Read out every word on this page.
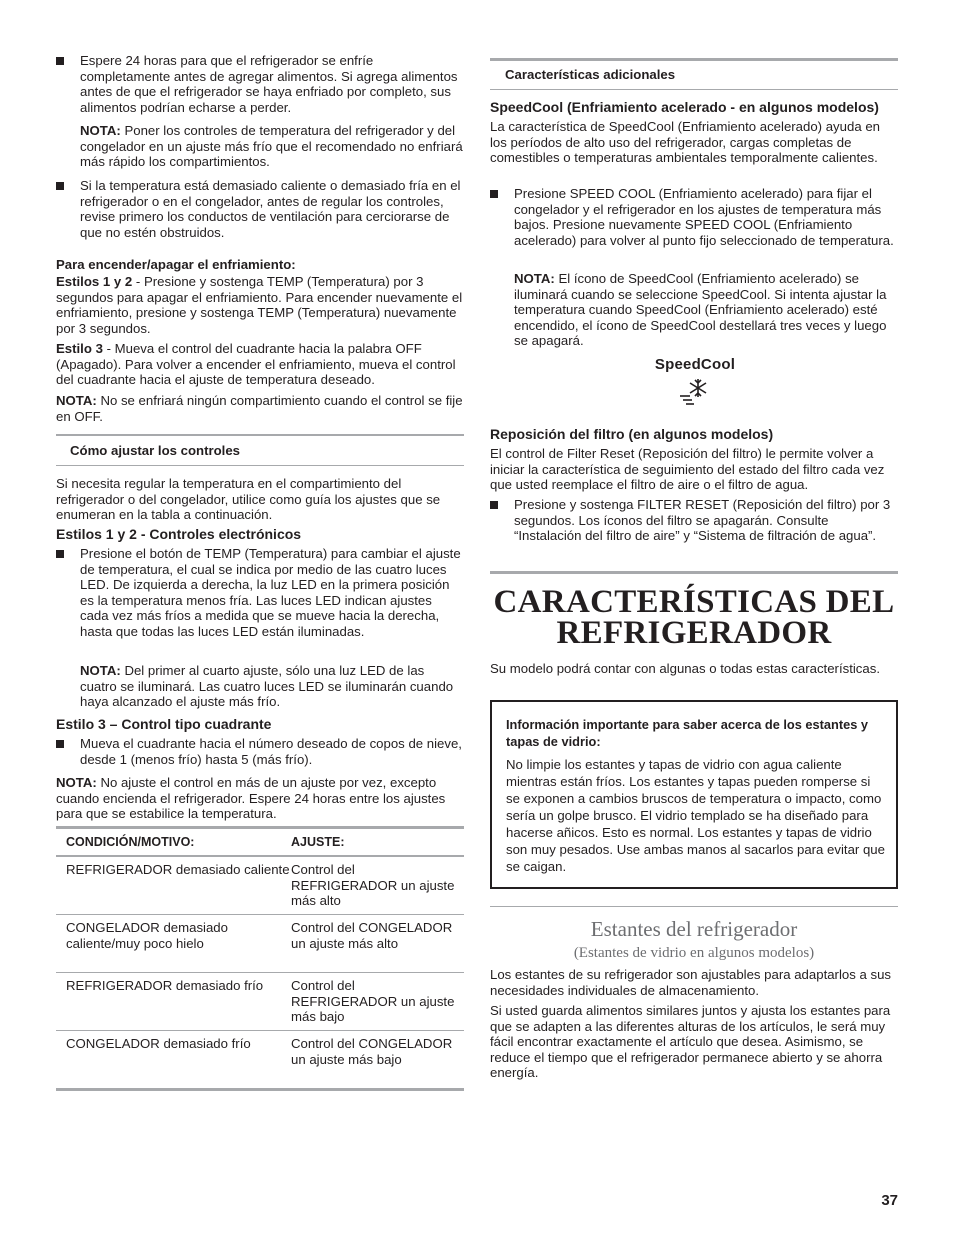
Espere 24 horas para que el refrigerador se enfríe completamente antes de agregar alimentos. Si agrega alimentos antes de que el refrigerador se haya enfriado por completo, sus alimentos podrían echarse a perder.

NOTA: Poner los controles de temperatura del refrigerador y del congelador en un ajuste más frío que el recomendado no enfriará más rápido los compartimientos.

Si la temperatura está demasiado caliente o demasiado fría en el refrigerador o en el congelador, antes de regular los controles, revise primero los conductos de ventilación para cerciorarse de que no estén obstruidos.

Para encender/apagar el enfriamiento:

Estilos 1 y 2 - Presione y sostenga TEMP (Temperatura) por 3 segundos para apagar el enfriamiento. Para encender nuevamente el enfriamiento, presione y sostenga TEMP (Temperatura) nuevamente por 3 segundos.

Estilo 3 - Mueva el control del cuadrante hacia la palabra OFF (Apagado). Para volver a encender el enfriamiento, mueva el control del cuadrante hacia el ajuste de temperatura deseado.

NOTA: No se enfriará ningún compartimiento cuando el control se fije en OFF.

Cómo ajustar los controles

Si necesita regular la temperatura en el compartimiento del refrigerador o del congelador, utilice como guía los ajustes que se enumeran en la tabla a continuación.

Estilos 1 y 2 - Controles electrónicos

Presione el botón de TEMP (Temperatura) para cambiar el ajuste de temperatura, el cual se indica por medio de las cuatro luces LED. De izquierda a derecha, la luz LED en la primera posición es la temperatura menos fría. Las luces LED indican ajustes cada vez más fríos a medida que se mueve hacia la derecha, hasta que todas las luces LED están iluminadas.

NOTA: Del primer al cuarto ajuste, sólo una luz LED de las cuatro se iluminará. Las cuatro luces LED se iluminarán cuando haya alcanzado el ajuste más frío.

Estilo 3 – Control tipo cuadrante

Mueva el cuadrante hacia el número deseado de copos de nieve, desde 1 (menos frío) hasta 5 (más frío).

NOTA: No ajuste el control en más de un ajuste por vez, excepto cuando encienda el refrigerador. Espere 24 horas entre los ajustes para que se estabilice la temperatura.

CONDICIÓN/MOTIVO:	AJUSTE:
REFRIGERADOR demasiado caliente	Control del REFRIGERADOR un ajuste más alto
CONGELADOR demasiado caliente/muy poco hielo	Control del CONGELADOR un ajuste más alto
REFRIGERADOR demasiado frío	Control del REFRIGERADOR un ajuste más bajo
CONGELADOR demasiado frío	Control del CONGELADOR un ajuste más bajo

Características adicionales

SpeedCool (Enfriamiento acelerado - en algunos modelos)

La característica de SpeedCool (Enfriamiento acelerado) ayuda en los períodos de alto uso del refrigerador, cargas completas de comestibles o temperaturas ambientales temporalmente calientes.

Presione SPEED COOL (Enfriamiento acelerado) para fijar el congelador y el refrigerador en los ajustes de temperatura más bajos. Presione nuevamente SPEED COOL (Enfriamiento acelerado) para volver al punto fijo seleccionado de temperatura.

NOTA: El ícono de SpeedCool (Enfriamiento acelerado) se iluminará cuando se seleccione SpeedCool. Si intenta ajustar la temperatura cuando SpeedCool (Enfriamiento acelerado) esté encendido, el ícono de SpeedCool destellará tres veces y luego se apagará.

SpeedCool

Reposición del filtro (en algunos modelos)

El control de Filter Reset (Reposición del filtro) le permite volver a iniciar la característica de seguimiento del estado del filtro cada vez que usted reemplace el filtro de aire o el filtro de agua.

Presione y sostenga FILTER RESET (Reposición del filtro) por 3 segundos. Los íconos del filtro se apagarán. Consulte “Instalación del filtro de aire” y “Sistema de filtración de agua”.

CARACTERÍSTICAS DEL
REFRIGERADOR

Su modelo podrá contar con algunas o todas estas características.

Información importante para saber acerca de los estantes y tapas de vidrio:

No limpie los estantes y tapas de vidrio con agua caliente mientras están fríos. Los estantes y tapas pueden romperse si se exponen a cambios bruscos de temperatura o impacto, como sería un golpe brusco. El vidrio templado se ha diseñado para hacerse añicos. Esto es normal. Los estantes y tapas de vidrio son muy pesados. Use ambas manos al sacarlos para evitar que se caigan.

Estantes del refrigerador

(Estantes de vidrio en algunos modelos)

Los estantes de su refrigerador son ajustables para adaptarlos a sus necesidades individuales de almacenamiento.

Si usted guarda alimentos similares juntos y ajusta los estantes para que se adapten a las diferentes alturas de los artículos, le será muy fácil encontrar exactamente el artículo que desea. Asimismo, se reduce el tiempo que el refrigerador permanece abierto y se ahorra energía.

37
